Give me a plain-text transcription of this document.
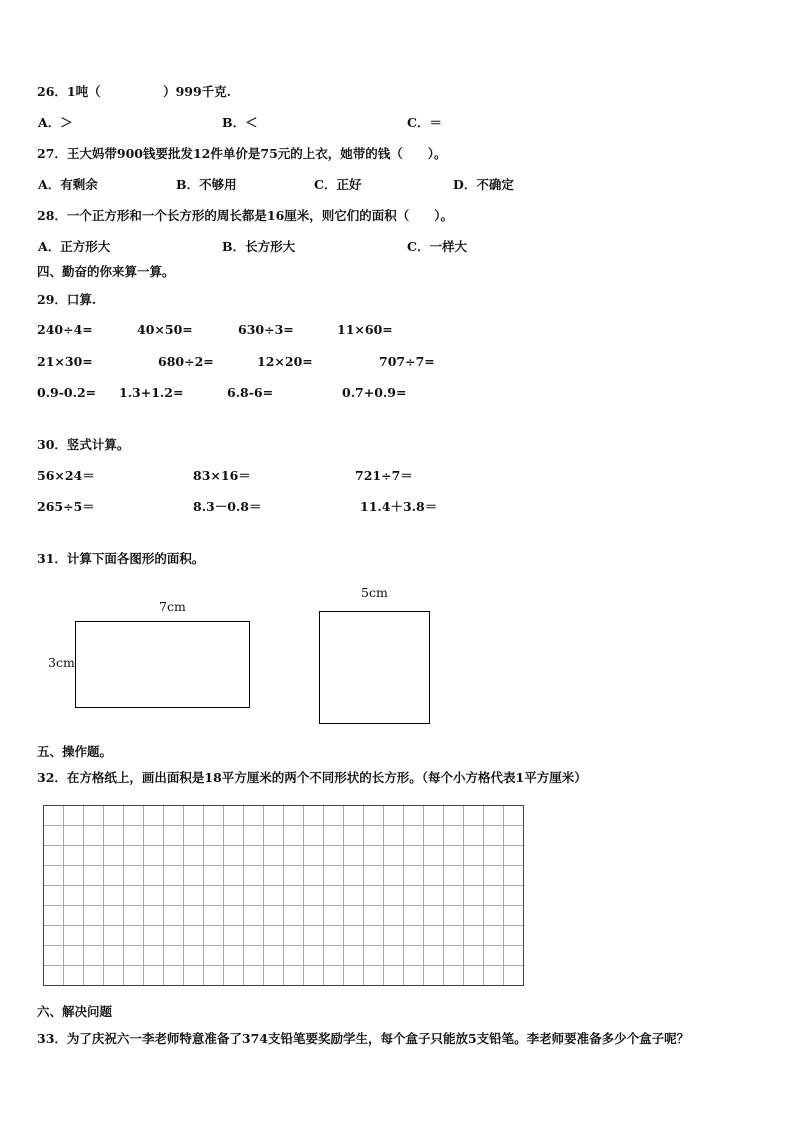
26．1吨（　　　　　）999千克.
A．＞	B．＜	C．＝
27．王大妈带900钱要批发12件单价是75元的上衣，她带的钱（　　）。
A．有剩余	B．不够用	C．正好	D．不确定
28．一个正方形和一个长方形的周长都是16厘米，则它们的面积（　　）。
A．正方形大	B．长方形大	C．一样大
四、勤奋的你来算一算。
29．口算.
240÷4=	40×50=	630÷3=	11×60=
21×30=	680÷2=	12×20=	707÷7=
0.9-0.2= 1.3+1.2=	6.8-6=	0.7+0.9=
30．竖式计算。
56×24＝	83×16＝	721÷7＝
265÷5＝	8.3－0.8＝	11.4＋3.8＝
31．计算下面各图形的面积。
7cm
3cm
5cm
五、操作题。
32．在方格纸上，画出面积是18平方厘米的两个不同形状的长方形。（每个小方格代表1平方厘米）
六、解决问题
33．为了庆祝六一李老师特意准备了374支铅笔要奖励学生，每个盒子只能放5支铅笔。李老师要准备多少个盒子呢？
